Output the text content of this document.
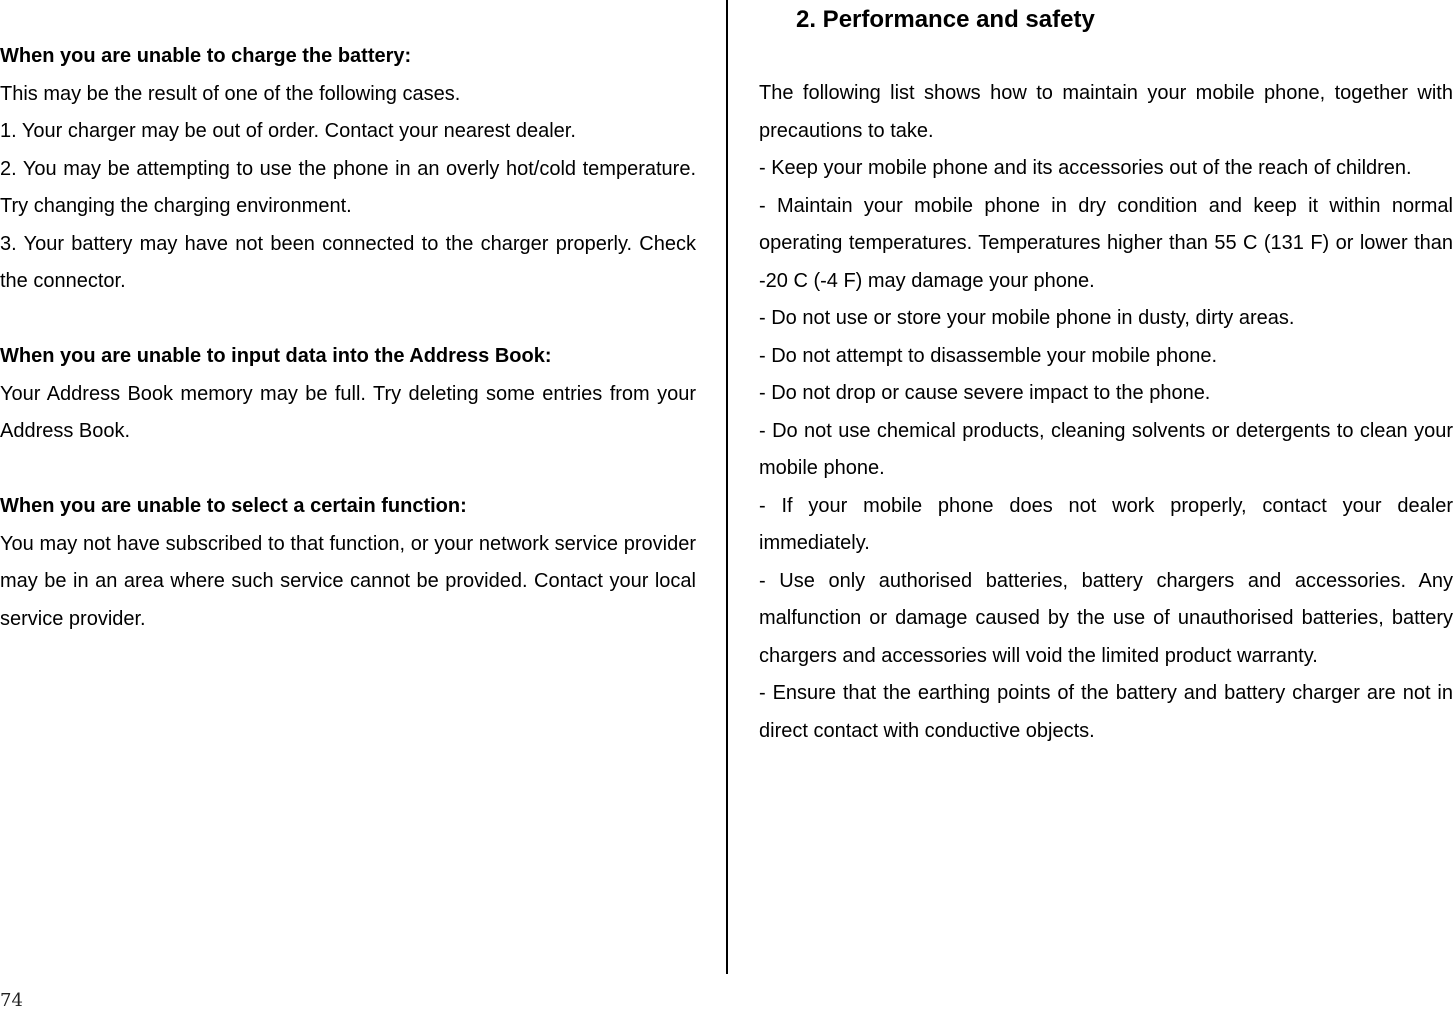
When you are unable to charge the battery:

This may be the result of one of the following cases.

1. Your charger may be out of order. Contact your nearest dealer.

2. You may be attempting to use the phone in an overly hot/cold temperature. Try changing the charging environment.

3. Your battery may have not been connected to the charger properly. Check the connector.

When you are unable to input data into the Address Book:

Your Address Book memory may be full. Try deleting some entries from your Address Book.

When you are unable to select a certain function:

You may not have subscribed to that function, or your network service provider may be in an area where such service cannot be provided. Contact your local service provider.

2. Performance and safety

The following list shows how to maintain your mobile phone, together with precautions to take.

- Keep your mobile phone and its accessories out of the reach of children.

- Maintain your mobile phone in dry condition and keep it within normal operating temperatures. Temperatures higher than 55 C (131 F) or lower than -20 C (-4 F) may damage your phone.

- Do not use or store your mobile phone in dusty, dirty areas.

- Do not attempt to disassemble your mobile phone.

- Do not drop or cause severe impact to the phone.

- Do not use chemical products, cleaning solvents or detergents to clean your mobile phone.

- If your mobile phone does not work properly, contact your dealer immediately.

- Use only authorised batteries, battery chargers and accessories. Any malfunction or damage caused by the use of unauthorised batteries, battery chargers and accessories will void the limited product warranty.

- Ensure that the earthing points of the battery and battery charger are not in direct contact with conductive objects.

74
